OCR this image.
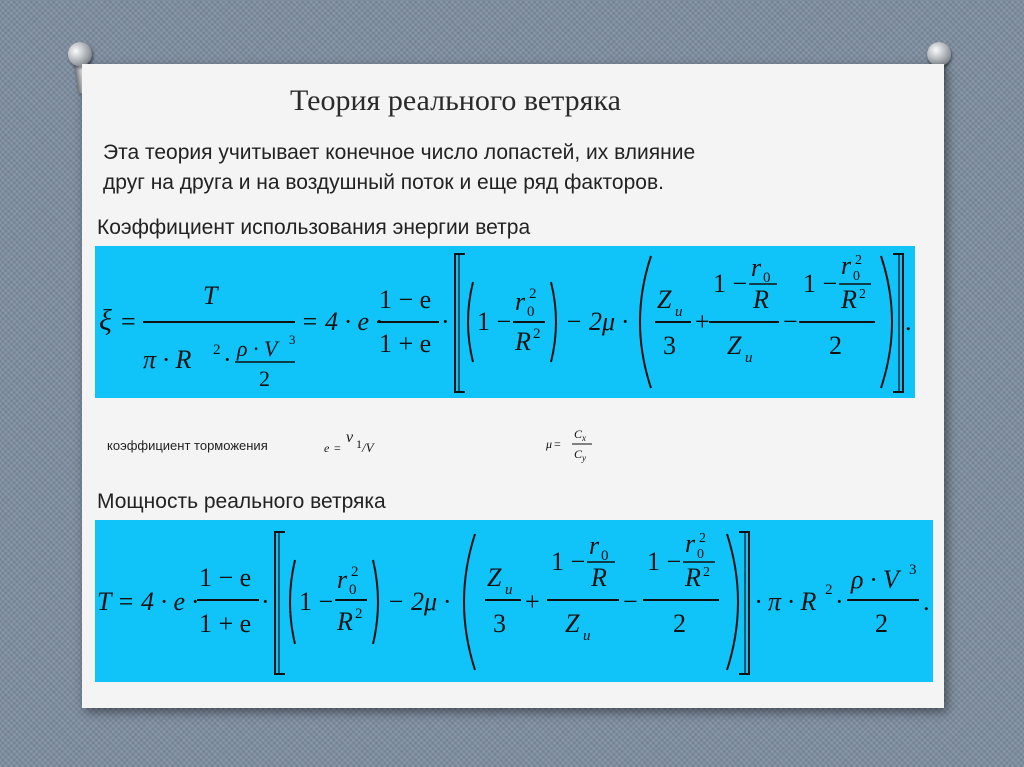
Теория реального ветряка
Эта теория учитывает конечное число лопастей, их влияние
друг на друга и на воздушный поток и еще ряд факторов.
Коэффициент использования энергии ветра
ξ =
T
π · R 2 · ρ · V 3
2
= 4 · e ·
1 − e
1 + e
· 1 −
r 0
2
R 2 − 2μ ·
Z u
3
+
1 −
r 0
R
Z u
−
1 −
r 0
2
R 2
2
.
коэффициент торможения	e =
ν 1 /V	μ =
C x
C y
Мощность реального ветряка
T = 4 · e ·
1 − e
1 + e
· 1 −
r 0
2
R 2 − 2μ ·
Z u
3
+
1 −
r 0
R
Z u
−
1 −
r 0
2
R 2
2
· π · R 2 ·
ρ · V 3
2
.
